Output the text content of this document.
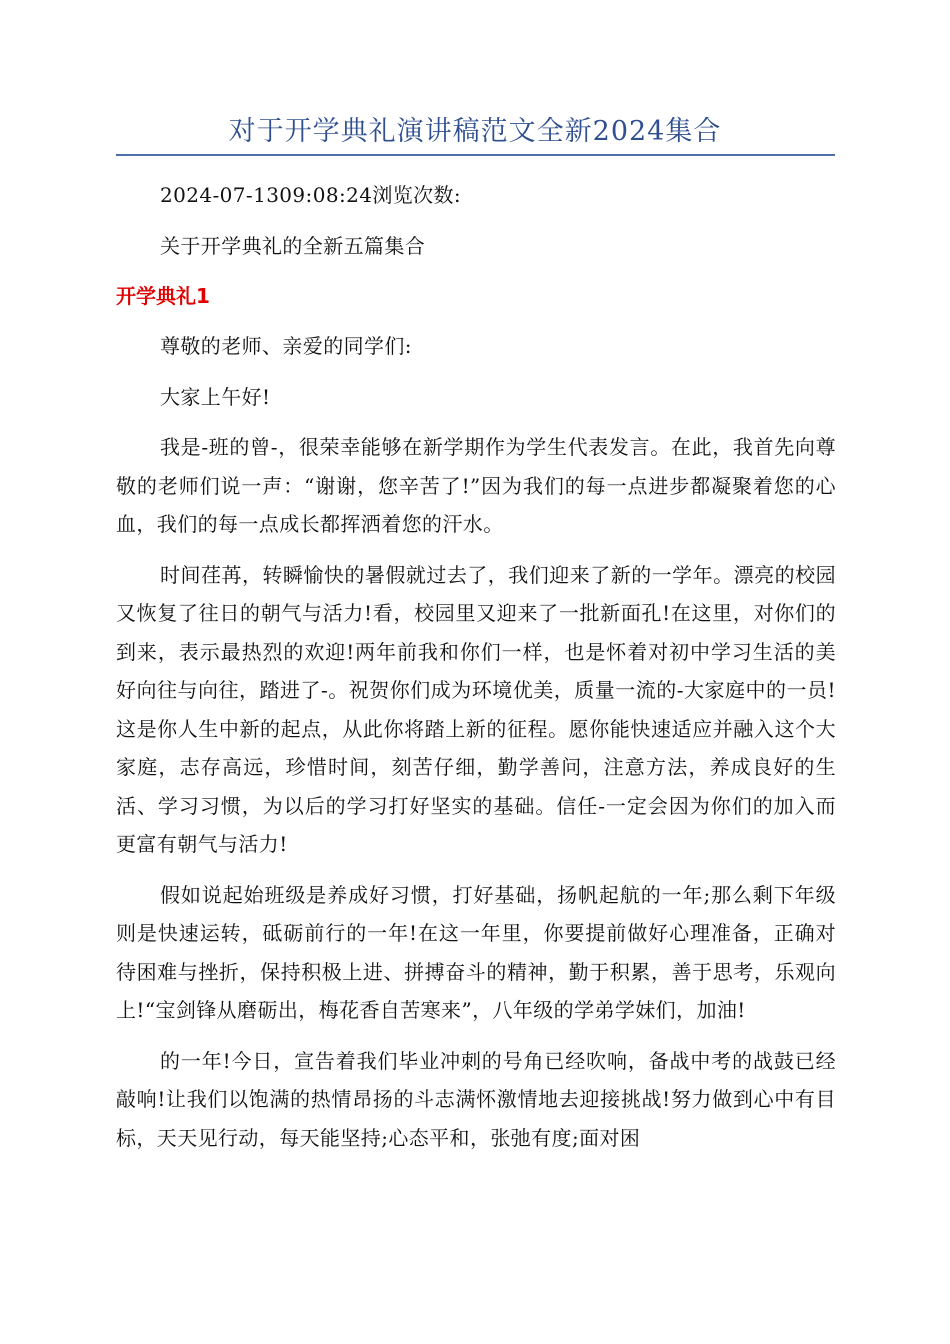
对于开学典礼演讲稿范文全新2024集合

2024-07-1309:08:24浏览次数:

关于开学典礼的全新五篇集合

开学典礼1

尊敬的老师、亲爱的同学们:

大家上午好!

我是-班的曾-，很荣幸能够在新学期作为学生代表发言。在此，我首先向尊敬的老师们说一声：“谢谢，您辛苦了!”因为我们的每一点进步都凝聚着您的心血，我们的每一点成长都挥洒着您的汗水。

时间荏苒，转瞬愉快的暑假就过去了，我们迎来了新的一学年。漂亮的校园又恢复了往日的朝气与活力!看，校园里又迎来了一批新面孔!在这里，对你们的到来，表示最热烈的欢迎!两年前我和你们一样，也是怀着对初中学习生活的美好向往与向往，踏进了-。祝贺你们成为环境优美，质量一流的-大家庭中的一员!这是你人生中新的起点，从此你将踏上新的征程。愿你能快速适应并融入这个大家庭，志存高远，珍惜时间，刻苦仔细，勤学善问，注意方法，养成良好的生活、学习习惯，为以后的学习打好坚实的基础。信任-一定会因为你们的加入而更富有朝气与活力!

假如说起始班级是养成好习惯，打好基础，扬帆起航的一年;那么剩下年级则是快速运转，砥砺前行的一年!在这一年里，你要提前做好心理准备，正确对待困难与挫折，保持积极上进、拼搏奋斗的精神，勤于积累，善于思考，乐观向上!“宝剑锋从磨砺出，梅花香自苦寒来”，八年级的学弟学妹们，加油!

的一年!今日，宣告着我们毕业冲刺的号角已经吹响，备战中考的战鼓已经敲响!让我们以饱满的热情昂扬的斗志满怀激情地去迎接挑战!努力做到心中有目标，天天见行动，每天能坚持;心态平和，张弛有度;面对困
